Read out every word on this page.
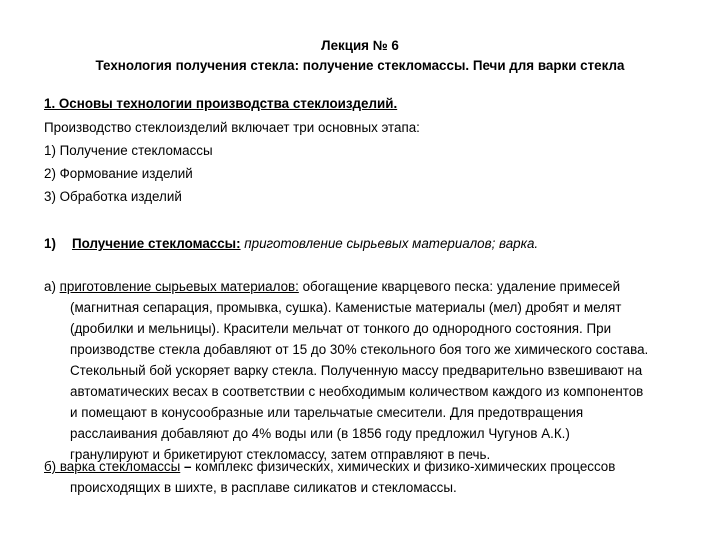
Лекция № 6

Технология получения стекла: получение стекломассы. Печи для варки стекла

1. Основы технологии производства стеклоизделий.

Производство стеклоизделий включает три основных этапа:

1) Получение стекломассы

2) Формование изделий

3) Обработка изделий

1) Получение стекломассы: приготовление сырьевых материалов; варка.

а) приготовление сырьевых материалов: обогащение кварцевого песка: удаление примесей
(магнитная сепарация, промывка, сушка). Каменистые материалы (мел) дробят и мелят
(дробилки и мельницы). Красители мельчат от тонкого до однородного состояния. При
производстве стекла добавляют от 15 до 30% стекольного боя того же химического состава.
Стекольный бой ускоряет варку стекла. Полученную массу предварительно взвешивают на
автоматических весах в соответствии с необходимым количеством каждого из компонентов
и помещают в конусообразные или тарельчатые смесители. Для предотвращения
расслаивания добавляют до 4% воды или (в 1856 году предложил Чугунов А.К.)
гранулируют и брикетируют стекломассу, затем отправляют в печь.
б) варка стекломассы – комплекс физических, химических и физико-химических процессов
происходящих в шихте, в расплаве силикатов и стекломассы.
